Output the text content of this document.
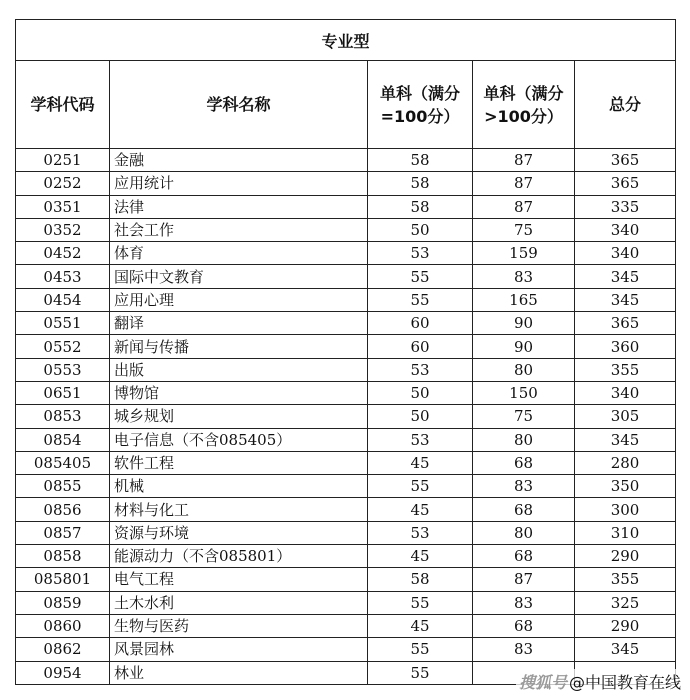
专业型				
学科代码	学科名称	单科（满分=100分）	单科（满分>100分）	总分
0251	金融	58	87	365
0252	应用统计	58	87	365
0351	法律	58	87	335
0352	社会工作	50	75	340
0452	体育	53	159	340
0453	国际中文教育	55	83	345
0454	应用心理	55	165	345
0551	翻译	60	90	365
0552	新闻与传播	60	90	360
0553	出版	53	80	355
0651	博物馆	50	150	340
0853	城乡规划	50	75	305
0854	电子信息（不含085405）	53	80	345
085405	软件工程	45	68	280
0855	机械	55	83	350
0856	材料与化工	45	68	300
0857	资源与环境	53	80	310
0858	能源动力（不含085801）	45	68	290
085801	电气工程	58	87	355
0859	土木水利	55	83	325
0860	生物与医药	45	68	290
0862	风景园林	55	83	345
0954	林业	55		
搜狐号 @中国教育在线
